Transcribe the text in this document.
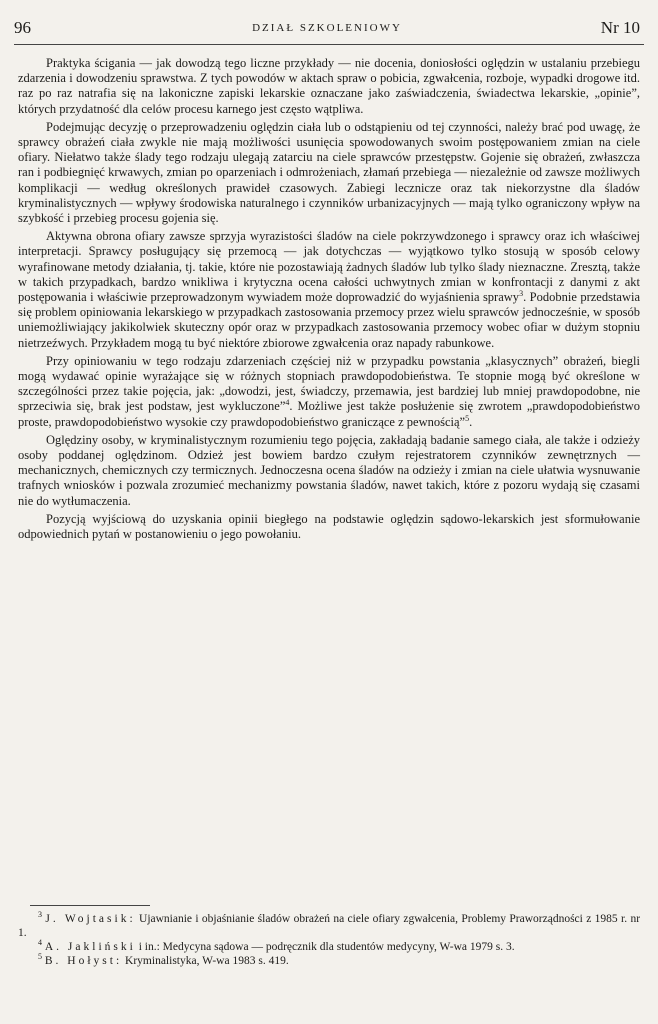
96	DZIAŁ SZKOLENIOWY	Nr 10

Praktyka ścigania — jak dowodzą tego liczne przykłady — nie docenia, doniosłości oględzin w ustalaniu przebiegu zdarzenia i dowodzeniu sprawstwa. Z tych powodów w aktach spraw o pobicia, zgwałcenia, rozboje, wypadki drogowe itd. raz po raz natrafia się na lakoniczne zapiski lekarskie oznaczane jako zaświadczenia, świadectwa lekarskie, „opinie”, których przydatność dla celów procesu karnego jest często wątpliwa.

Podejmując decyzję o przeprowadzeniu oględzin ciała lub o odstąpieniu od tej czynności, należy brać pod uwagę, że sprawcy obrażeń ciała zwykle nie mają możliwości usunięcia spowodowanych swoim postępowaniem zmian na ciele ofiary. Niełatwo także ślady tego rodzaju ulegają zatarciu na ciele sprawców przestępstw. Gojenie się obrażeń, zwłaszcza ran i podbiegnięć krwawych, zmian po oparzeniach i odmrożeniach, złamań przebiega — niezależnie od zawsze możliwych komplikacji — według określonych prawideł czasowych. Zabiegi lecznicze oraz tak niekorzystne dla śladów kryminalistycznych — wpływy środowiska naturalnego i czynników urbanizacyjnych — mają tylko ograniczony wpływ na szybkość i przebieg procesu gojenia się.

Aktywna obrona ofiary zawsze sprzyja wyrazistości śladów na ciele pokrzywdzonego i sprawcy oraz ich właściwej interpretacji. Sprawcy posługujący się przemocą — jak dotychczas — wyjątkowo tylko stosują w sposób celowy wyrafinowane metody działania, tj. takie, które nie pozostawiają żadnych śladów lub tylko ślady nieznaczne. Zresztą, także w takich przypadkach, bardzo wnikliwa i krytyczna ocena całości uchwytnych zmian w konfrontacji z danymi z akt postępowania i właściwie przeprowadzonym wywiadem może doprowadzić do wyjaśnienia sprawy$^3$. Podobnie przedstawia się problem opiniowania lekarskiego w przypadkach zastosowania przemocy przez wielu sprawców jednocześnie, w sposób uniemożliwiający jakikolwiek skuteczny opór oraz w przypadkach zastosowania przemocy wobec ofiar w dużym stopniu nietrzeźwych. Przykładem mogą tu być niektóre zbiorowe zgwałcenia oraz napady rabunkowe.

Przy opiniowaniu w tego rodzaju zdarzeniach częściej niż w przypadku powstania „klasycznych” obrażeń, biegli mogą wydawać opinie wyrażające się w różnych stopniach prawdopodobieństwa. Te stopnie mogą być określone w szczególności przez takie pojęcia, jak: „dowodzi, jest, świadczy, przemawia, jest bardziej lub mniej prawdopodobne, nie sprzeciwia się, brak jest podstaw, jest wykluczone”$^4$. Możliwe jest także posłużenie się zwrotem „prawdopodobieństwo proste, prawdopodobieństwo wysokie czy prawdopodobieństwo graniczące z pewnością”$^5$.

Oględziny osoby, w kryminalistycznym rozumieniu tego pojęcia, zakładają badanie samego ciała, ale także i odzieży osoby poddanej oględzinom. Odzież jest bowiem bardzo czułym rejestratorem czynników zewnętrznych — mechanicznych, chemicznych czy termicznych. Jednoczesna ocena śladów na odzieży i zmian na ciele ułatwia wysnuwanie trafnych wniosków i pozwala zrozumieć mechanizmy powstania śladów, nawet takich, które z pozoru wydają się czasami nie do wytłumaczenia.

Pozycją wyjściową do uzyskania opinii biegłego na podstawie oględzin sądowo-lekarskich jest sformułowanie odpowiednich pytań w postanowieniu o jego powołaniu.

$^3$ J. Wojtasik: Ujawnianie i objaśnianie śladów obrażeń na ciele ofiary zgwałcenia, Problemy Praworządności z 1985 r. nr 1.

$^4$ A. Jakliński i in.: Medycyna sądowa — podręcznik dla studentów medycyny, W-wa 1979 s. 3.

$^5$ B. Hołyst: Kryminalistyka, W-wa 1983 s. 419.
